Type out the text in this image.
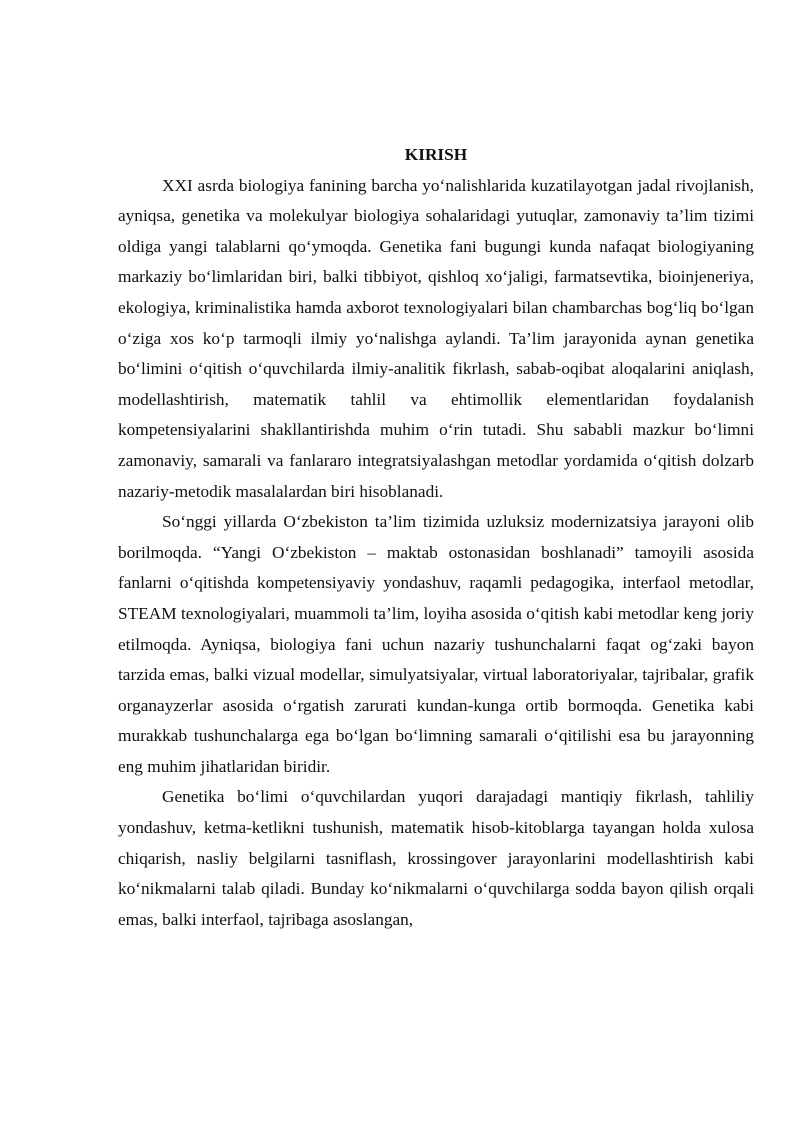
KIRISH

XXI asrda biologiya fanining barcha yo‘nalishlarida kuzatilayotgan jadal rivojlanish, ayniqsa, genetika va molekulyar biologiya sohalaridagi yutuqlar, zamonaviy ta’lim tizimi oldiga yangi talablarni qo‘ymoqda. Genetika fani bugungi kunda nafaqat biologiyaning markaziy bo‘limlaridan biri, balki tibbiyot, qishloq xo‘jaligi, farmatsevtika, bioinjeneriya, ekologiya, kriminalistika hamda axborot texnologiyalari bilan chambarchas bog‘liq bo‘lgan o‘ziga xos ko‘p tarmoqli ilmiy yo‘nalishga aylandi. Ta’lim jarayonida aynan genetika bo‘limini o‘qitish o‘quvchilarda ilmiy-analitik fikrlash, sabab-oqibat aloqalarini aniqlash, modellashtirish, matematik tahlil va ehtimollik elementlaridan foydalanish kompetensiyalarini shakllantirishda muhim o‘rin tutadi. Shu sababli mazkur bo‘limni zamonaviy, samarali va fanlararo integratsiyalashgan metodlar yordamida o‘qitish dolzarb nazariy-metodik masalalardan biri hisoblanadi.

So‘nggi yillarda O‘zbekiston ta’lim tizimida uzluksiz modernizatsiya jarayoni olib borilmoqda. “Yangi O‘zbekiston – maktab ostonasidan boshlanadi” tamoyili asosida fanlarni o‘qitishda kompetensiyaviy yondashuv, raqamli pedagogika, interfaol metodlar, STEAM texnologiyalari, muammoli ta’lim, loyiha asosida o‘qitish kabi metodlar keng joriy etilmoqda. Ayniqsa, biologiya fani uchun nazariy tushunchalarni faqat og‘zaki bayon tarzida emas, balki vizual modellar, simulyatsiyalar, virtual laboratoriyalar, tajribalar, grafik organayzerlar asosida o‘rgatish zarurati kundan-kunga ortib bormoqda. Genetika kabi murakkab tushunchalarga ega bo‘lgan bo‘limning samarali o‘qitilishi esa bu jarayonning eng muhim jihatlaridan biridir.

Genetika bo‘limi o‘quvchilardan yuqori darajadagi mantiqiy fikrlash, tahliliy yondashuv, ketma-ketlikni tushunish, matematik hisob-kitoblarga tayangan holda xulosa chiqarish, nasliy belgilarni tasniflash, krossingover jarayonlarini modellashtirish kabi ko‘nikmalarni talab qiladi. Bunday ko‘nikmalarni o‘quvchilarga sodda bayon qilish orqali emas, balki interfaol, tajribaga asoslangan,
